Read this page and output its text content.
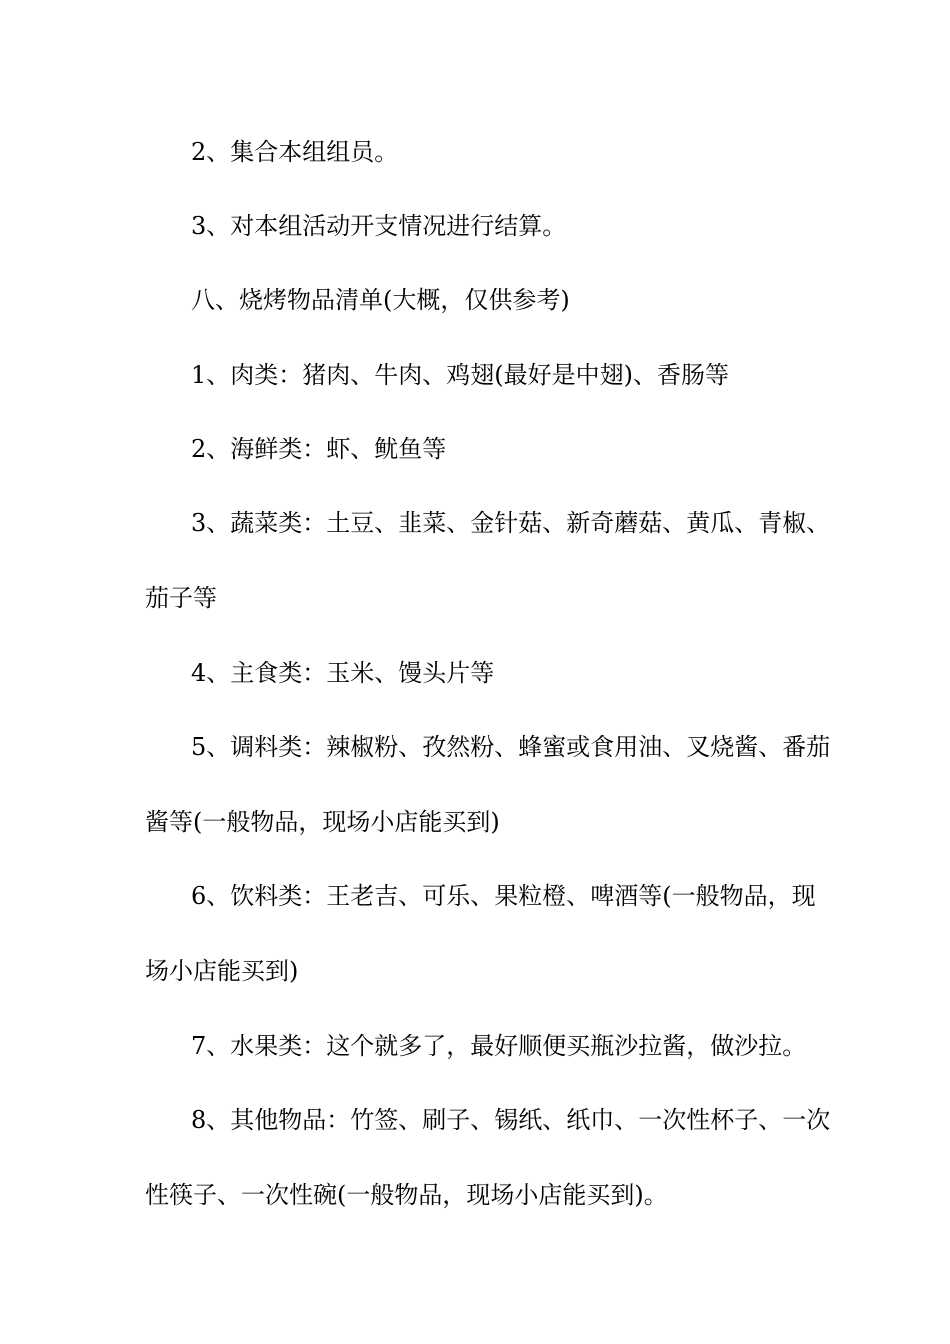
2、集合本组组员。

3、对本组活动开支情况进行结算。

八、烧烤物品清单(大概，仅供参考)

1、肉类：猪肉、牛肉、鸡翅(最好是中翅)、香肠等

2、海鲜类：虾、鱿鱼等

3、蔬菜类：土豆、韭菜、金针菇、新奇蘑菇、黄瓜、青椒、茄子等

4、主食类：玉米、馒头片等

5、调料类：辣椒粉、孜然粉、蜂蜜或食用油、叉烧酱、番茄酱等(一般物品，现场小店能买到)

6、饮料类：王老吉、可乐、果粒橙、啤酒等(一般物品，现场小店能买到)

7、水果类：这个就多了，最好顺便买瓶沙拉酱，做沙拉。

8、其他物品：竹签、刷子、锡纸、纸巾、一次性杯子、一次性筷子、一次性碗(一般物品，现场小店能买到)。
